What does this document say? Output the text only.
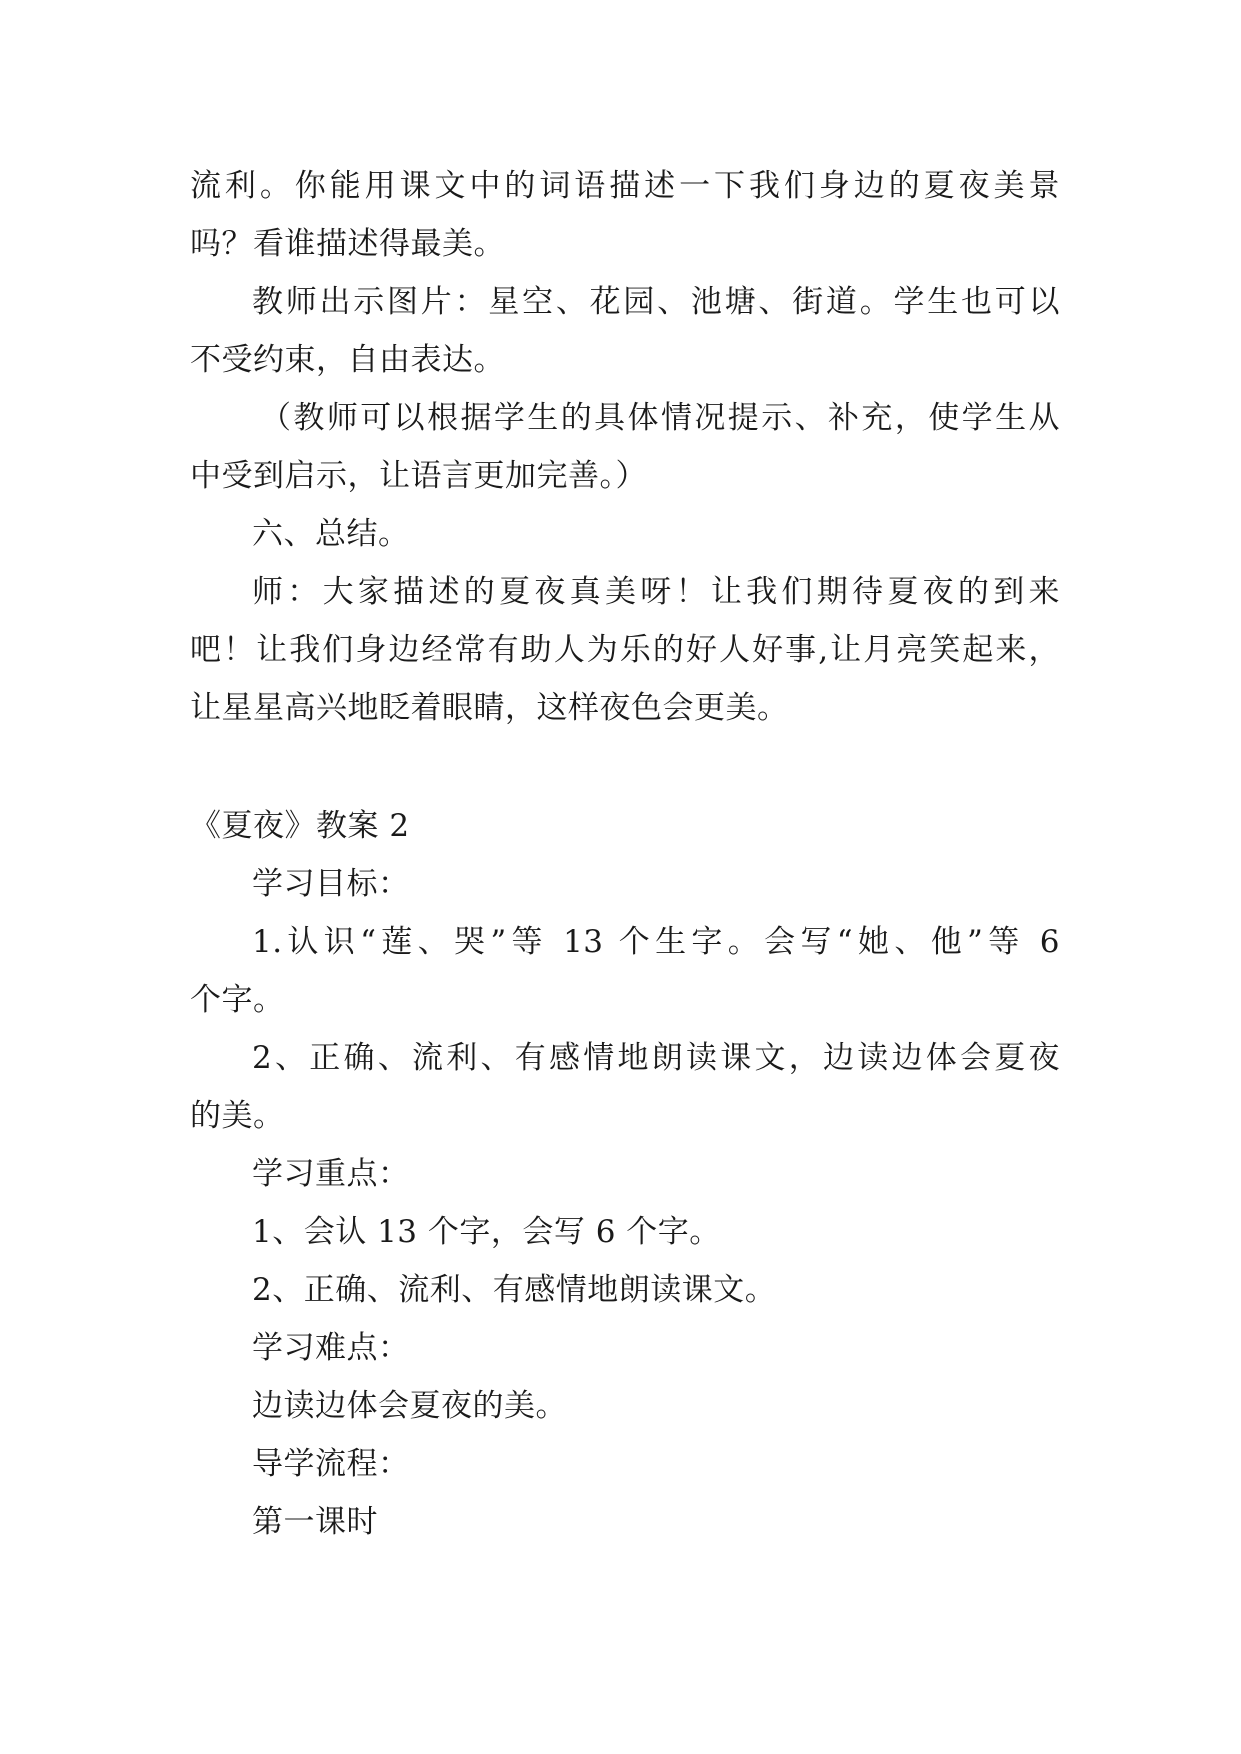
流利。你能用课文中的词语描述一下我们身边的夏夜美景
吗？看谁描述得最美。
教师出示图片：星空、花园、池塘、街道。学生也可以
不受约束，自由表达。
（教师可以根据学生的具体情况提示、补充，使学生从
中受到启示，让语言更加完善。）
六、总结。
师：大家描述的夏夜真美呀！让我们期待夏夜的到来
吧！让我们身边经常有助人为乐的好人好事,让月亮笑起来，
让星星高兴地眨着眼睛，这样夜色会更美。
《夏夜》教案 2
学习目标：
1.认识“莲、哭”等 13 个生字。会写“她、他”等 6
个字。
2、正确、流利、有感情地朗读课文，边读边体会夏夜
的美。
学习重点：
1、会认 13 个字，会写 6 个字。
2、正确、流利、有感情地朗读课文。
学习难点：
边读边体会夏夜的美。
导学流程：
第一课时
